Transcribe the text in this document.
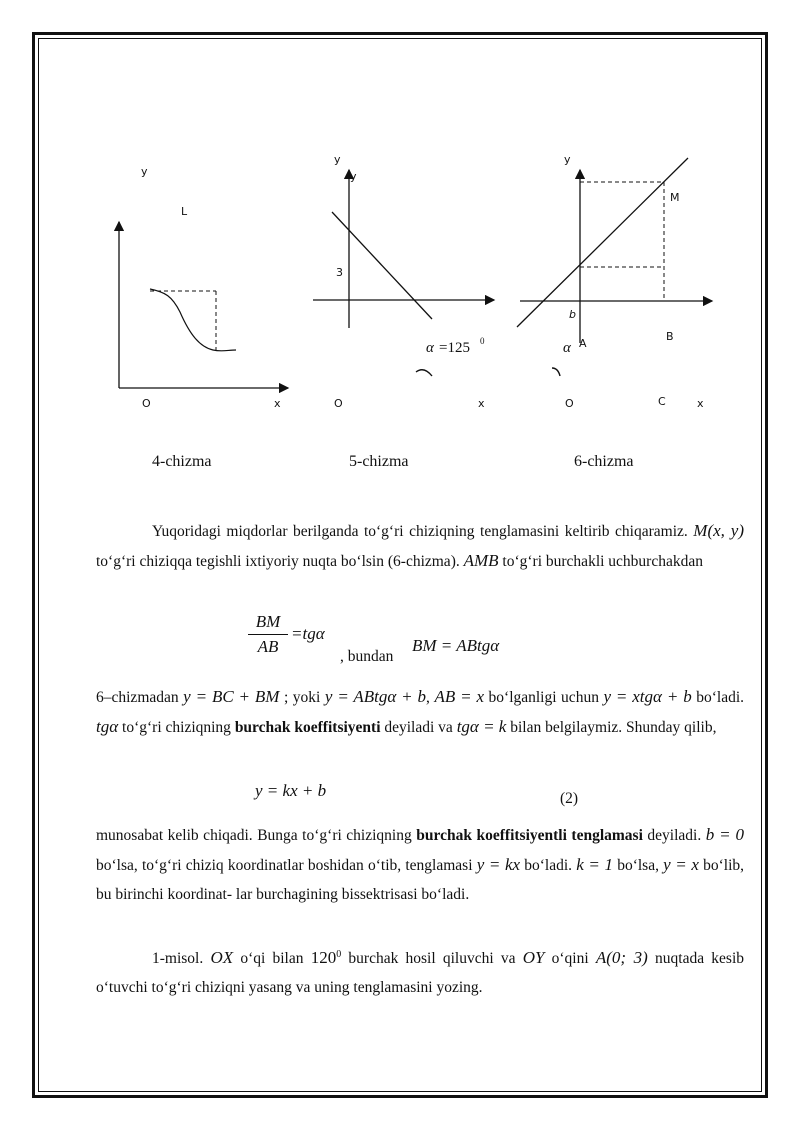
y
L
O	x
y
y
3
O	x
α =125 0
y
M
b
B
α A
O	C	x
4-chizma	5-chizma	6-chizma
Yuqoridagi miqdorlar berilganda to‘g‘ri chiziqning tenglamasini keltirib chiqaramiz. M(x, y) to‘g‘ri chiziqqa tegishli ixtiyoriy nuqta bo‘lsin (6-chizma). AMB to‘g‘ri burchakli uchburchakdan
$\frac{BM}{AB} =tg\alpha$
, bundan
BM = ABtgα
6–chizmadan y = BC + BM ; yoki y = ABtgα + b, AB = x bo‘lganligi uchun y = xtgα + b bo‘ladi. tgα to‘g‘ri chiziqning burchak koeffitsiyenti deyiladi va tgα = k bilan belgilaymiz. Shunday qilib,
y = kx + b	(2)
munosabat kelib chiqadi. Bunga to‘g‘ri chiziqning burchak koeffitsiyentli tenglamasi deyiladi. b = 0 bo‘lsa, to‘g‘ri chiziq koordinatlar boshidan o‘tib, tenglamasi y = kx bo‘ladi. k = 1 bo‘lsa, y = x bo‘lib, bu birinchi koordinat- lar burchagining bissektrisasi bo‘ladi.
1-misol. OX o‘qi bilan $120^0$ burchak hosil qiluvchi va OY o‘qini A(0; 3) nuqtada kesib o‘tuvchi to‘g‘ri chiziqni yasang va uning tenglamasini yozing.
